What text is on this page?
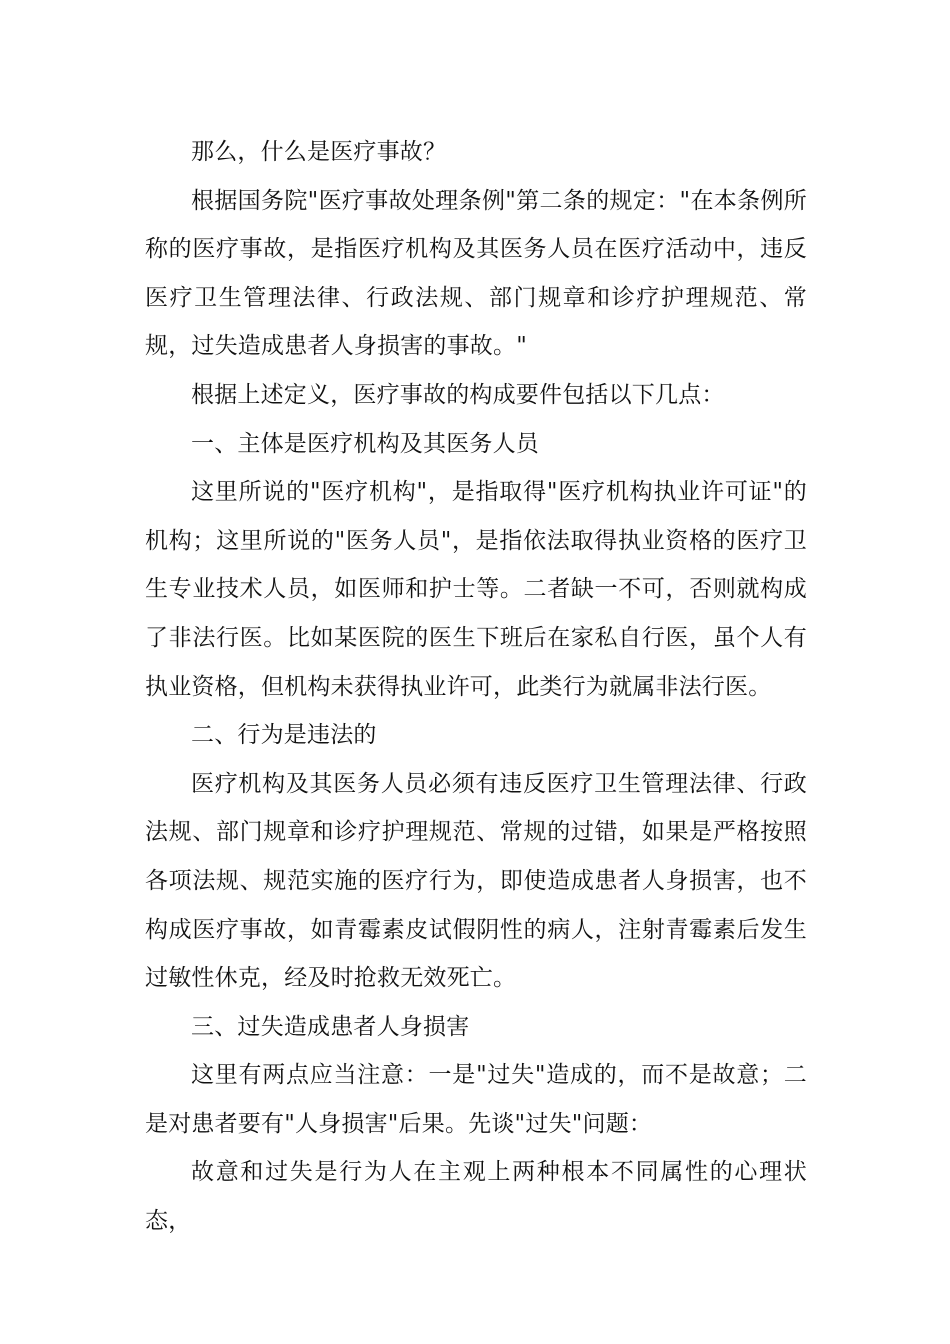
那么，什么是医疗事故？

根据国务院"医疗事故处理条例"第二条的规定："在本条例所称的医疗事故，是指医疗机构及其医务人员在医疗活动中，违反医疗卫生管理法律、行政法规、部门规章和诊疗护理规范、常规，过失造成患者人身损害的事故。"

根据上述定义，医疗事故的构成要件包括以下几点：

一、主体是医疗机构及其医务人员

这里所说的"医疗机构"，是指取得"医疗机构执业许可证"的机构；这里所说的"医务人员"，是指依法取得执业资格的医疗卫生专业技术人员，如医师和护士等。二者缺一不可，否则就构成了非法行医。比如某医院的医生下班后在家私自行医，虽个人有执业资格，但机构未获得执业许可，此类行为就属非法行医。

二、行为是违法的

医疗机构及其医务人员必须有违反医疗卫生管理法律、行政法规、部门规章和诊疗护理规范、常规的过错，如果是严格按照各项法规、规范实施的医疗行为，即使造成患者人身损害，也不构成医疗事故，如青霉素皮试假阴性的病人，注射青霉素后发生过敏性休克，经及时抢救无效死亡。

三、过失造成患者人身损害

这里有两点应当注意：一是"过失"造成的，而不是故意；二是对患者要有"人身损害"后果。先谈"过失"问题：

故意和过失是行为人在主观上两种根本不同属性的心理状态，
